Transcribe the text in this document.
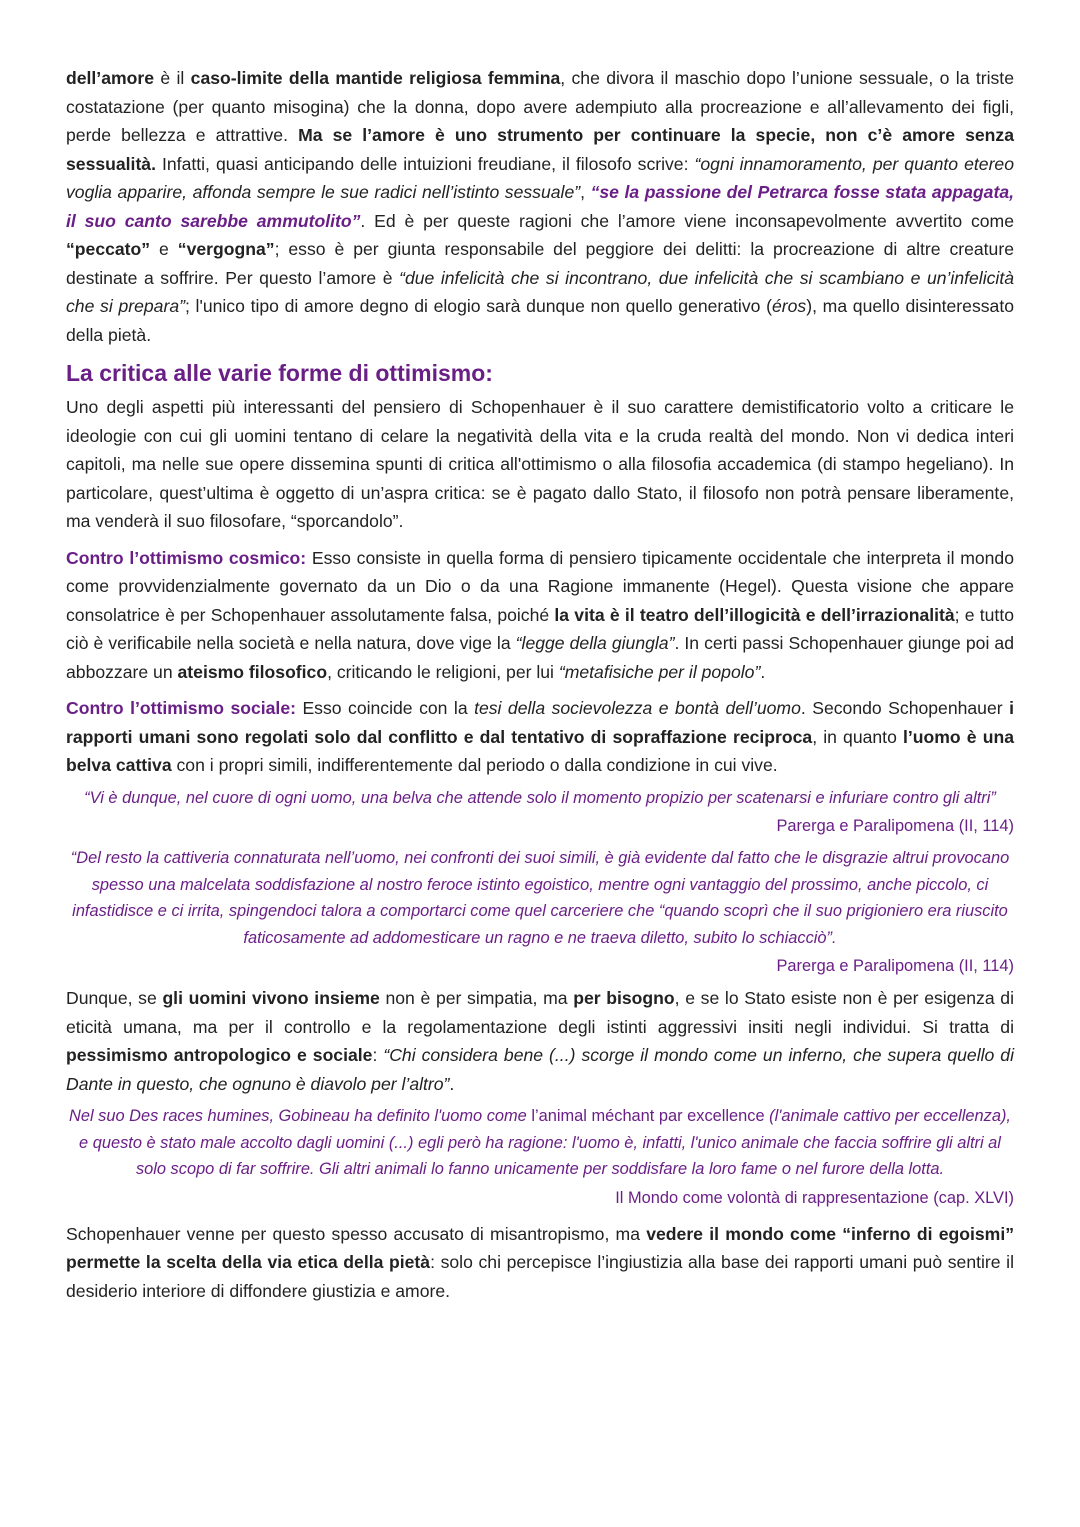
dell’amore è il caso-limite della mantide religiosa femmina, che divora il maschio dopo l’unione sessuale, o la triste costatazione (per quanto misogina) che la donna, dopo avere adempiuto alla procreazione e all’allevamento dei figli, perde bellezza e attrattive. Ma se l’amore è uno strumento per continuare la specie, non c’è amore senza sessualità. Infatti, quasi anticipando delle intuizioni freudiane, il filosofo scrive: “ogni innamoramento, per quanto etereo voglia apparire, affonda sempre le sue radici nell’istinto sessuale”, “se la passione del Petrarca fosse stata appagata, il suo canto sarebbe ammutolito”. Ed è per queste ragioni che l’amore viene inconsapevolmente avvertito come “peccato” e “vergogna”; esso è per giunta responsabile del peggiore dei delitti: la procreazione di altre creature destinate a soffrire. Per questo l’amore è “due infelicità che si incontrano, due infelicità che si scambiano e un’infelicità che si prepara”; l'unico tipo di amore degno di elogio sarà dunque non quello generativo (éros), ma quello disinteressato della pietà.

La critica alle varie forme di ottimismo:

Uno degli aspetti più interessanti del pensiero di Schopenhauer è il suo carattere demistificatorio volto a criticare le ideologie con cui gli uomini tentano di celare la negatività della vita e la cruda realtà del mondo. Non vi dedica interi capitoli, ma nelle sue opere dissemina spunti di critica all'ottimismo o alla filosofia accademica (di stampo hegeliano). In particolare, quest’ultima è oggetto di un’aspra critica: se è pagato dallo Stato, il filosofo non potrà pensare liberamente, ma venderà il suo filosofare, “sporcandolo”.

Contro l’ottimismo cosmico: Esso consiste in quella forma di pensiero tipicamente occidentale che interpreta il mondo come provvidenzialmente governato da un Dio o da una Ragione immanente (Hegel). Questa visione che appare consolatrice è per Schopenhauer assolutamente falsa, poiché la vita è il teatro dell’illogicità e dell’irrazionalità; e tutto ciò è verificabile nella società e nella natura, dove vige la “legge della giungla”. In certi passi Schopenhauer giunge poi ad abbozzare un ateismo filosofico, criticando le religioni, per lui “metafisiche per il popolo”.

Contro l’ottimismo sociale: Esso coincide con la tesi della socievolezza e bontà dell’uomo. Secondo Schopenhauer i rapporti umani sono regolati solo dal conflitto e dal tentativo di sopraffazione reciproca, in quanto l’uomo è una belva cattiva con i propri simili, indifferentemente dal periodo o dalla condizione in cui vive.

“Vi è dunque, nel cuore di ogni uomo, una belva che attende solo il momento propizio per scatenarsi e infuriare contro gli altri”

Parerga e Paralipomena (II, 114)

“Del resto la cattiveria connaturata nell’uomo, nei confronti dei suoi simili, è già evidente dal fatto che le disgrazie altrui provocano spesso una malcelata soddisfazione al nostro feroce istinto egoistico, mentre ogni vantaggio del prossimo, anche piccolo, ci infastidisce e ci irrita, spingendoci talora a comportarci come quel carceriere che “quando scoprì che il suo prigioniero era riuscito faticosamente ad addomesticare un ragno e ne traeva diletto, subito lo schiacciò”.

Parerga e Paralipomena (II, 114)

Dunque, se gli uomini vivono insieme non è per simpatia, ma per bisogno, e se lo Stato esiste non è per esigenza di eticità umana, ma per il controllo e la regolamentazione degli istinti aggressivi insiti negli individui. Si tratta di pessimismo antropologico e sociale: “Chi considera bene (...) scorge il mondo come un inferno, che supera quello di Dante in questo, che ognuno è diavolo per l’altro”.

Nel suo Des races humines, Gobineau ha definito l'uomo come l’animal méchant par excellence (l'animale cattivo per eccellenza), e questo è stato male accolto dagli uomini (...) egli però ha ragione: l'uomo è, infatti, l'unico animale che faccia soffrire gli altri al solo scopo di far soffrire. Gli altri animali lo fanno unicamente per soddisfare la loro fame o nel furore della lotta.

Il Mondo come volontà di rappresentazione (cap. XLVI)

Schopenhauer venne per questo spesso accusato di misantropismo, ma vedere il mondo come “inferno di egoismi” permette la scelta della via etica della pietà: solo chi percepisce l’ingiustizia alla base dei rapporti umani può sentire il desiderio interiore di diffondere giustizia e amore.
